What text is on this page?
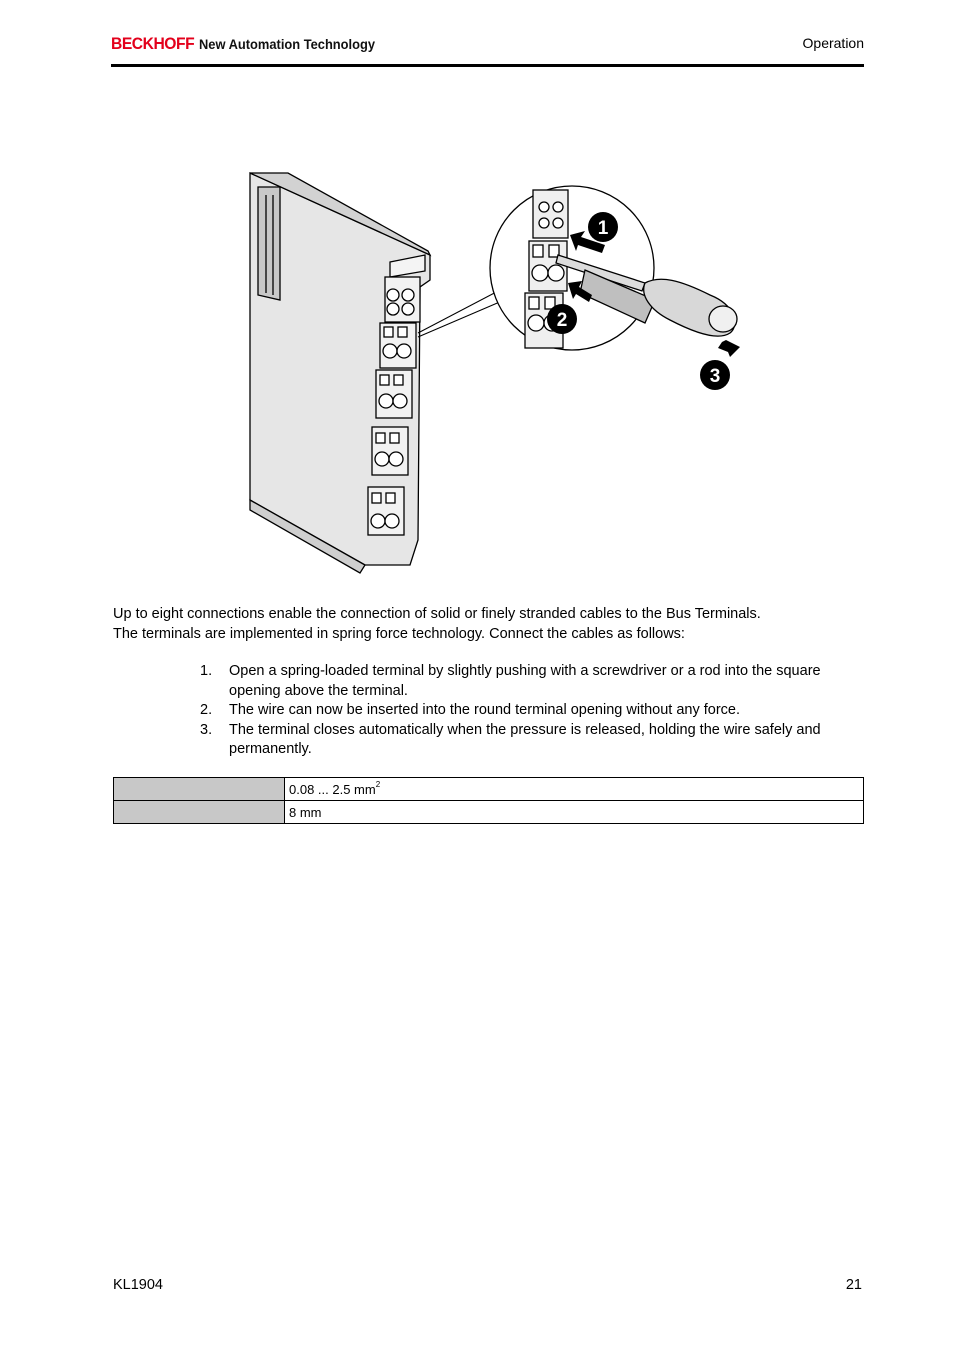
BECKHOFF New Automation Technology	Operation
1
2
3

Up to eight connections enable the connection of solid or finely stranded cables to the Bus Terminals.

The terminals are implemented in spring force technology. Connect the cables as follows:

1. Open a spring-loaded terminal by slightly pushing with a screwdriver or a rod into the square opening above the terminal.
2. The wire can now be inserted into the round terminal opening without any force.
3. The terminal closes automatically when the pressure is released, holding the wire safely and permanently.
	0.08 ... 2.5 $mm^2$
	8 mm
KL1904	21
